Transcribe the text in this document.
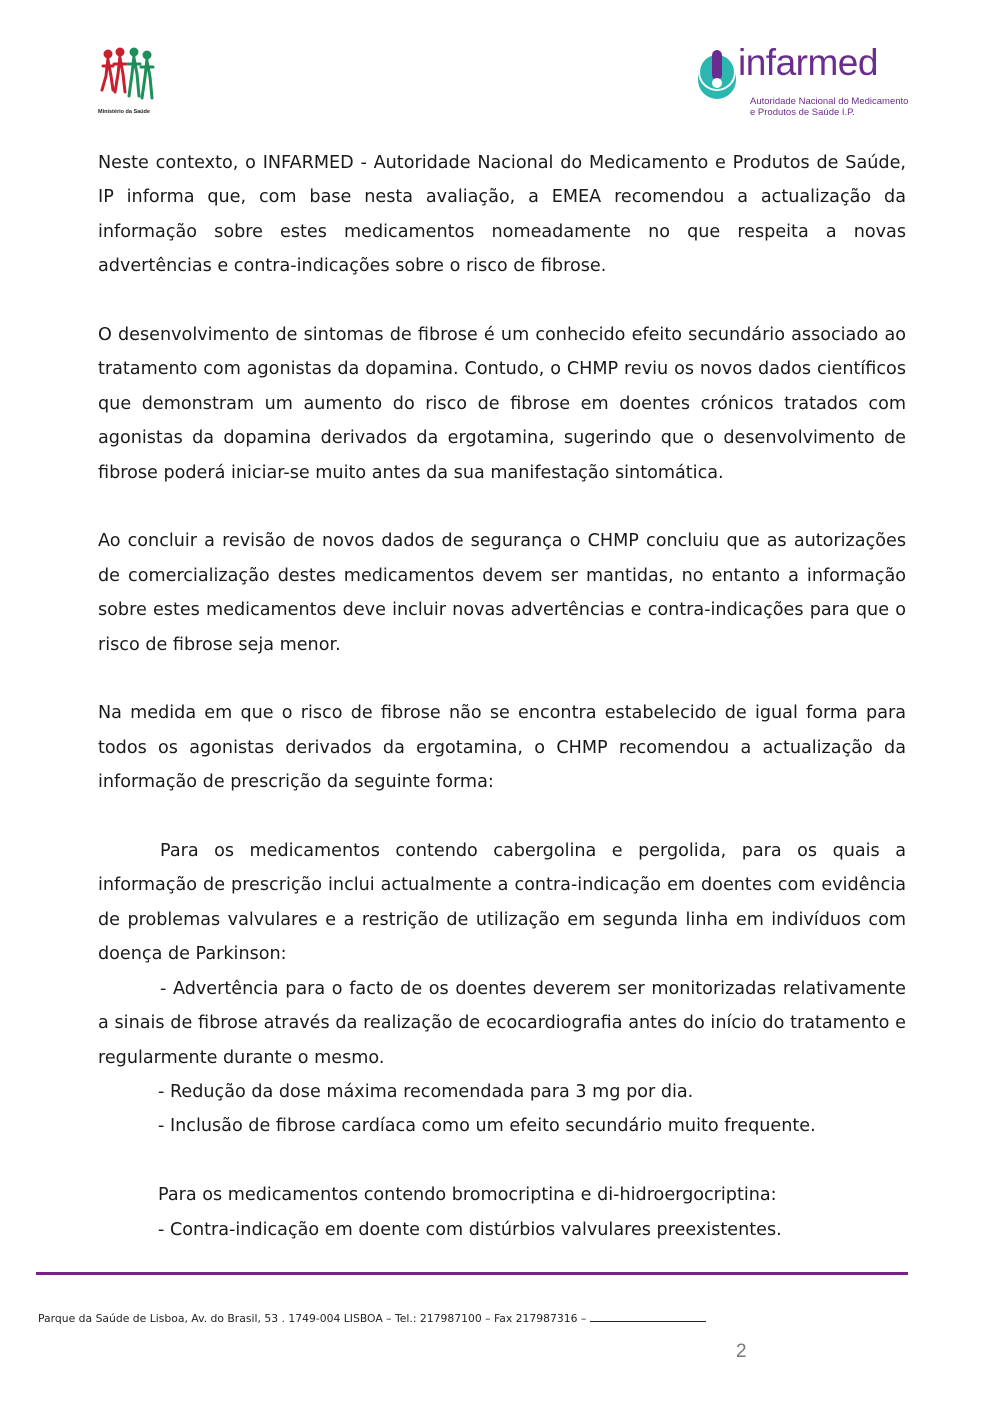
Ministério da Saúde
infarmed
Autoridade Nacional do Medicamento
e Produtos de Saúde I.P.

Neste contexto, o INFARMED - Autoridade Nacional do Medicamento e Produtos de Saúde, IP informa que, com base nesta avaliação, a EMEA recomendou a actualização da informação sobre estes medicamentos nomeadamente no que respeita a novas advertências e contra-indicações sobre o risco de fibrose.

O desenvolvimento de sintomas de fibrose é um conhecido efeito secundário associado ao tratamento com agonistas da dopamina. Contudo, o CHMP reviu os novos dados científicos que demonstram um aumento do risco de fibrose em doentes crónicos tratados com agonistas da dopamina derivados da ergotamina, sugerindo que o desenvolvimento de fibrose poderá iniciar-se muito antes da sua manifestação sintomática.

Ao concluir a revisão de novos dados de segurança o CHMP concluiu que as autorizações de comercialização destes medicamentos devem ser mantidas, no entanto a informação sobre estes medicamentos deve incluir novas advertências e contra-indicações para que o risco de fibrose seja menor.

Na medida em que o risco de fibrose não se encontra estabelecido de igual forma para todos os agonistas derivados da ergotamina, o CHMP recomendou a actualização da informação de prescrição da seguinte forma:

Para os medicamentos contendo cabergolina e pergolida, para os quais a informação de prescrição inclui actualmente a contra-indicação em doentes com evidência de problemas valvulares e a restrição de utilização em segunda linha em indivíduos com doença de Parkinson:

- Advertência para o facto de os doentes deverem ser monitorizadas relativamente a sinais de fibrose através da realização de ecocardiografia antes do início do tratamento e regularmente durante o mesmo.

- Redução da dose máxima recomendada para 3 mg por dia.

- Inclusão de fibrose cardíaca como um efeito secundário muito frequente.

Para os medicamentos contendo bromocriptina e di-hidroergocriptina:

- Contra-indicação em doente com distúrbios valvulares preexistentes.

Parque da Saúde de Lisboa, Av. do Brasil, 53 . 1749-004 LISBOA – Tel.: 217987100 – Fax 217987316 –
2
